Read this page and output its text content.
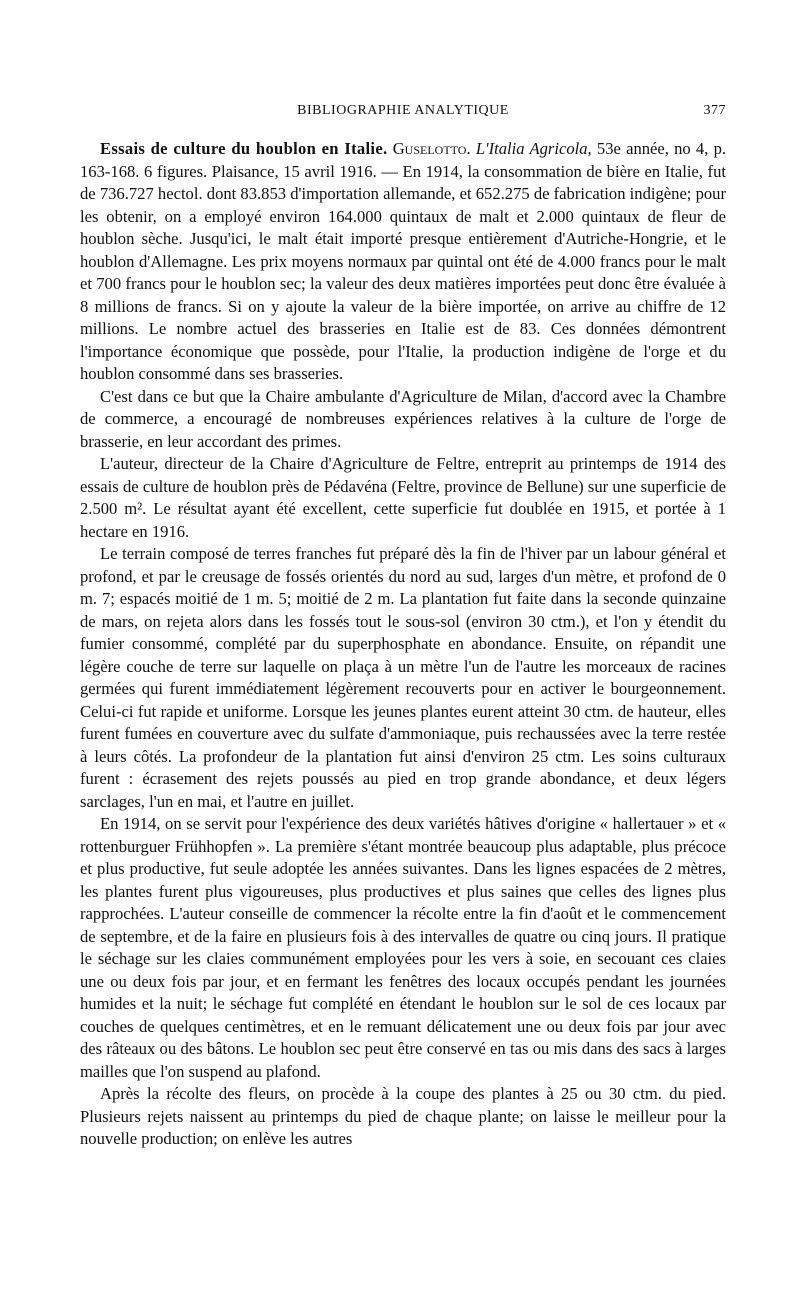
BIBLIOGRAPHIE ANALYTIQUE	377

Essais de culture du houblon en Italie. Guselotto. L'Italia Agricola, 53e année, no 4, p. 163-168. 6 figures. Plaisance, 15 avril 1916. — En 1914, la consommation de bière en Italie, fut de 736.727 hectol. dont 83.853 d'importation allemande, et 652.275 de fabrication indigène; pour les obtenir, on a employé environ 164.000 quintaux de malt et 2.000 quintaux de fleur de houblon sèche. Jusqu'ici, le malt était importé presque entièrement d'Autriche-Hongrie, et le houblon d'Allemagne. Les prix moyens normaux par quintal ont été de 4.000 francs pour le malt et 700 francs pour le houblon sec; la valeur des deux matières importées peut donc être évaluée à 8 millions de francs. Si on y ajoute la valeur de la bière importée, on arrive au chiffre de 12 millions. Le nombre actuel des brasseries en Italie est de 83. Ces données démontrent l'importance économique que possède, pour l'Italie, la production indigène de l'orge et du houblon consommé dans ses brasseries.

C'est dans ce but que la Chaire ambulante d'Agriculture de Milan, d'accord avec la Chambre de commerce, a encouragé de nombreuses expériences relatives à la culture de l'orge de brasserie, en leur accordant des primes.

L'auteur, directeur de la Chaire d'Agriculture de Feltre, entreprit au printemps de 1914 des essais de culture de houblon près de Pédavéna (Feltre, province de Bellune) sur une superficie de 2.500 m². Le résultat ayant été excellent, cette superficie fut doublée en 1915, et portée à 1 hectare en 1916.

Le terrain composé de terres franches fut préparé dès la fin de l'hiver par un labour général et profond, et par le creusage de fossés orientés du nord au sud, larges d'un mètre, et profond de 0 m. 7; espacés moitié de 1 m. 5; moitié de 2 m. La plantation fut faite dans la seconde quinzaine de mars, on rejeta alors dans les fossés tout le sous-sol (environ 30 ctm.), et l'on y étendit du fumier consommé, complété par du superphosphate en abondance. Ensuite, on répandit une légère couche de terre sur laquelle on plaça à un mètre l'un de l'autre les morceaux de racines germées qui furent immédiatement légèrement recouverts pour en activer le bourgeonnement. Celui-ci fut rapide et uniforme. Lorsque les jeunes plantes eurent atteint 30 ctm. de hauteur, elles furent fumées en couverture avec du sulfate d'ammoniaque, puis rechaussées avec la terre restée à leurs côtés. La profondeur de la plantation fut ainsi d'environ 25 ctm. Les soins culturaux furent : écrasement des rejets poussés au pied en trop grande abondance, et deux légers sarclages, l'un en mai, et l'autre en juillet.

En 1914, on se servit pour l'expérience des deux variétés hâtives d'origine « hallertauer » et « rottenburguer Frühhopfen ». La première s'étant montrée beaucoup plus adaptable, plus précoce et plus productive, fut seule adoptée les années suivantes. Dans les lignes espacées de 2 mètres, les plantes furent plus vigoureuses, plus productives et plus saines que celles des lignes plus rapprochées. L'auteur conseille de commencer la récolte entre la fin d'août et le commencement de septembre, et de la faire en plusieurs fois à des intervalles de quatre ou cinq jours. Il pratique le séchage sur les claies communément employées pour les vers à soie, en secouant ces claies une ou deux fois par jour, et en fermant les fenêtres des locaux occupés pendant les journées humides et la nuit; le séchage fut complété en étendant le houblon sur le sol de ces locaux par couches de quelques centimètres, et en le remuant délicatement une ou deux fois par jour avec des râteaux ou des bâtons. Le houblon sec peut être conservé en tas ou mis dans des sacs à larges mailles que l'on suspend au plafond.

Après la récolte des fleurs, on procède à la coupe des plantes à 25 ou 30 ctm. du pied. Plusieurs rejets naissent au printemps du pied de chaque plante; on laisse le meilleur pour la nouvelle production; on enlève les autres
